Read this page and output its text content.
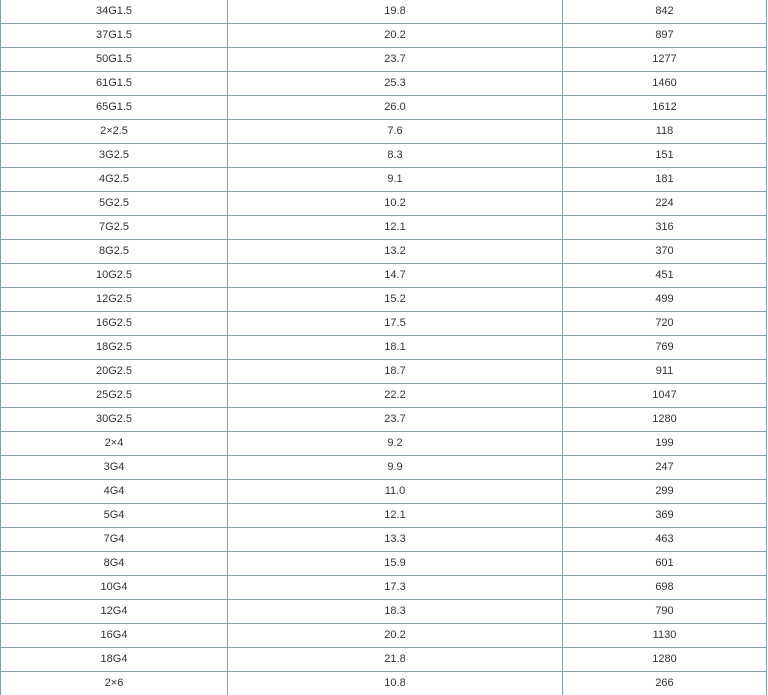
34G1.5	19.8	842
37G1.5	20.2	897
50G1.5	23.7	1277
61G1.5	25.3	1460
65G1.5	26.0	1612
2×2.5	7.6	118
3G2.5	8.3	151
4G2.5	9.1	181
5G2.5	10.2	224
7G2.5	12.1	316
8G2.5	13.2	370
10G2.5	14.7	451
12G2.5	15.2	499
16G2.5	17.5	720
18G2.5	18.1	769
20G2.5	18.7	911
25G2.5	22.2	1047
30G2.5	23.7	1280
2×4	9.2	199
3G4	9.9	247
4G4	11.0	299
5G4	12.1	369
7G4	13.3	463
8G4	15.9	601
10G4	17.3	698
12G4	18.3	790
16G4	20.2	1130
18G4	21.8	1280
2×6	10.8	266
